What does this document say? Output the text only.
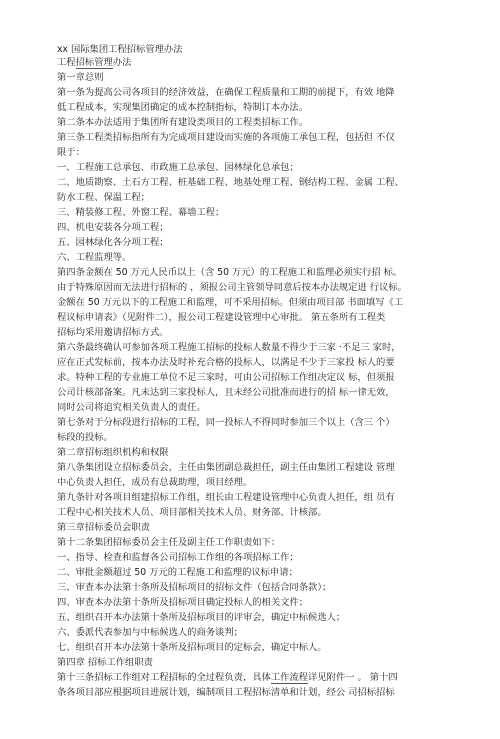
xx 国际集团工程招标管理办法
工程招标管理办法
第一章总则
第一条为提高公司各项目的经济效益，在确保工程质量和工期的前提下，有效 地降
低工程成本，实现集团确定的成本控制指标，特制订本办法。
第二条本办法适用于集团所有建设类项目的工程类招标工作。
第三条工程类招标指所有为完成项目建设而实施的各项施工承包工程，包括但 不仅
限于：
一、工程施工总承包、市政施工总承包、园林绿化总承包；
二、地质勘察、土石方工程、桩基础工程、地基处理工程、钢结构工程、金属 工程、
防水工程、保温工程；
三、精装修工程、外窗工程、幕墙工程；
四、机电安装各分项工程；
五、园林绿化各分项工程；
六、工程监理等。
第四条金额在 50 万元人民币以上（含 50 万元）的工程施工和监理必须实行招 标。
由于特殊原因而无法进行招标的 ，须报公司主管领导同意后按本办法规定进 行议标。
金额在 50 万元以下的工程施工和监理，可不采用招标。但须由项目部 书面填写《工
程议标申请表》（见附件二），报公司工程建设管理中心审批。 第五条所有工程类
招标均采用邀请招标方式。
第六条最终确认可参加各项工程施工招标的投标人数量不得少于三家 ·不足三 家时，
应在正式发标前，按本办法及时补充合格的投标人，以满足不少于三家投 标人的要
求。特种工程的专业施工单位不足三家时，可由公司招标工作组决定议 标，但须报
公司计核部备案。凡未达到三家投标人，且未经公司批准而进行的招 标一律无效，
同时公司将追究相关负责人的责任。
第七条对于分标段进行招标的工程，同一投标人不得同时参加三个以上（含三 个）
标段的投标。
第二章招标组织机构和权限
第八条集团设立招标委员会，主任由集团副总裁担任，副主任由集团工程建设 管理
中心负责人担任，成员有总裁助理，项目经理。
第九条针对各项目组建招标工作组，组长由工程建设管理中心负责人担任，组 员有
工程中心相关技术人员、项目部相关技术人员、财务部、计核部。
第三章招标委员会职责
第十二条集团招标委员会主任及副主任工作职责如下：
一、指导、检查和监督各公司招标工作组的各项招标工作；
二、审批金额超过 50 万元的工程施工和监理的议标申请；
三、审查本办法第十条所及招标项目的招标文件（包括合同条款）；
四、审查本办法第十条所及招标项目确定投标人的相关文件；
五、组织召开本办法第十条所及招标项目的评审会，确定中标候选人；
六、委派代表参加与中标候选人的商务谈判；
七、组织召开本办法第十条所及招标项目的定标会，确定中标人。
第四章 招标工作组职责
第十三条招标工作组对工程招标的全过程负责，具体工作流程详见附件一 。 第十四
条各项目部应根据项目进展计划，编制项目工程招标清单和计划，经公 司招标招标
